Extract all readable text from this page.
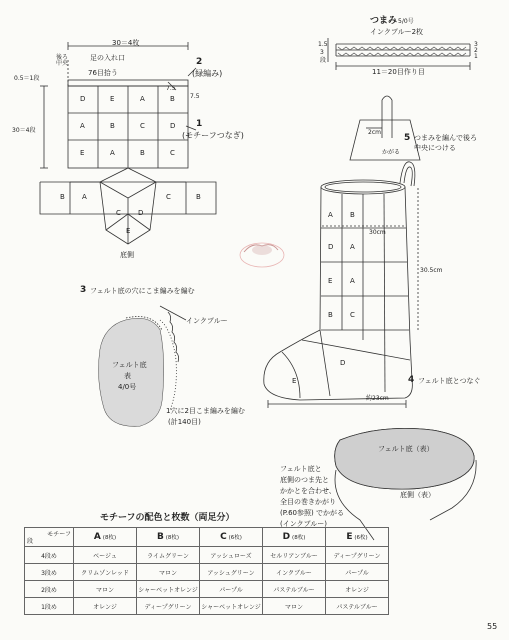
30＝4枚
足の入れ口
76目拾う
後ろ中央
0.5＝1段
30＝4段
7.5
7.5
2
(緑編み)
1
(モチーフつなぎ)
底側
D	E	A	B
A	B	C	D
E	A	B	C
A
B	B
C
C D
E
つまみ 5/0号
インクブルー2枚
1.5
3
段
3
2
1
11＝20目作り目
2cm
かがる
5 つまみを編んで後ろ中央につける
30cm
30.5cm
約23cm
4 フェルト底とつなぐ
A B
D A
E	A
B C
D
E
3 フェルト底の穴にこま編みを編む
インクブルー
フェルト底
表
4/0号
1穴に2目こま編みを編む
(計140目)
フェルト底（表）
フェルト底と
底側のつま先と
かかとを合わせ、
全目の巻きかがり
(P.60参照) でかがる
(インクブルー)
底側（表）
モチーフの配色と枚数（両足分）
モチーフ
段	A (8枚)	B (8枚)	C (6枚)	D (8枚)	E (6枚)
4段め	ベージュ	ライムグリーン	アッシュローズ	セルリアンブルー	ディープグリーン
3段め	クリムゾンレッド	マロン	アッシュグリーン	インクブルー	パープル
2段め	マロン	シャーベットオレンジ	パープル	パステルブルー	オレンジ
1段め	オレンジ	ディープグリーン	シャーベットオレンジ	マロン	パステルブルー
55
